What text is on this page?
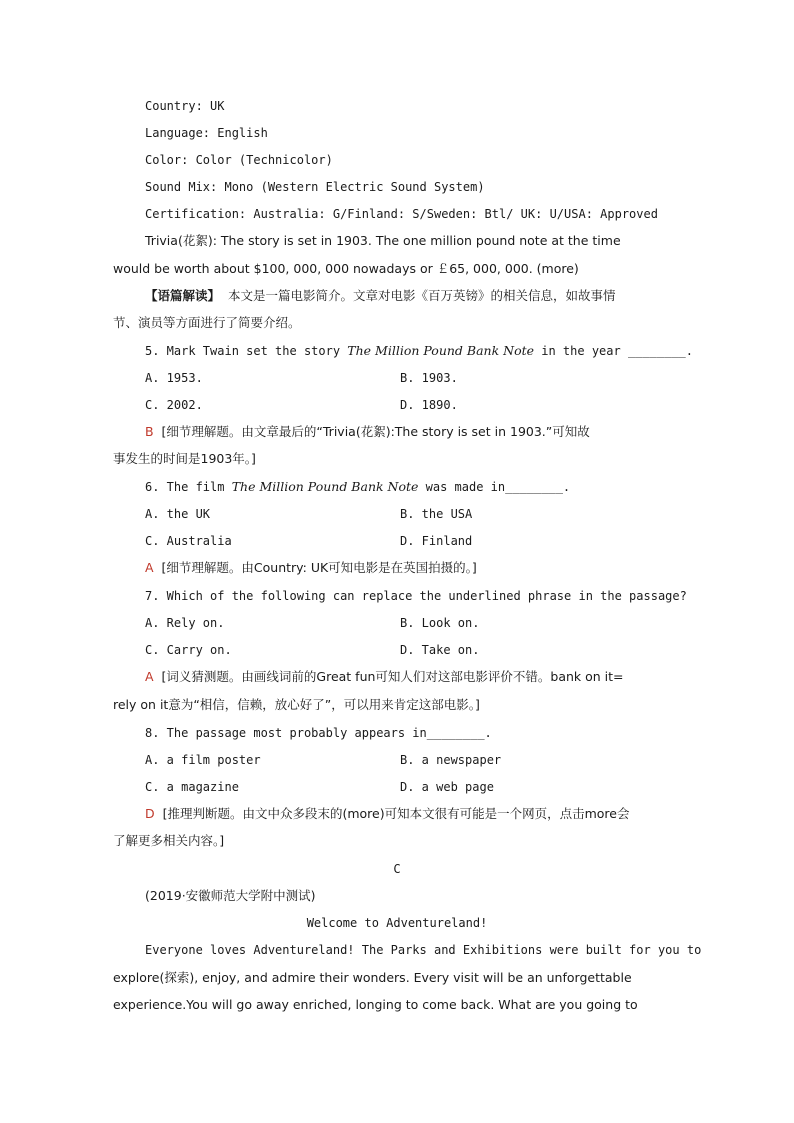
Country: UK
Language: English
Color: Color (Technicolor)
Sound Mix: Mono (Western Electric Sound System)
Certification: Australia: G/Finland: S/Sweden: Btl/ UK: U/USA: Approved
Trivia(花絮): The story is set in 1903. The one million pound note at the time
would be worth about $100, 000, 000 nowadays or ￡65, 000, 000. (more)
【语篇解读】 本文是一篇电影简介。文章对电影《百万英镑》的相关信息，如故事情
节、演员等方面进行了简要介绍。
5. Mark Twain set the story The Million Pound Bank Note in the year ________.
A. 1953.	B. 1903.
C. 2002.	D. 1890.
B [细节理解题。由文章最后的“Trivia(花絮):The story is set in 1903.”可知故
事发生的时间是1903年。]
6. The film The Million Pound Bank Note was made in________.
A. the UK	B. the USA
C. Australia	D. Finland
A [细节理解题。由Country: UK可知电影是在英国拍摄的。]
7. Which of the following can replace the underlined phrase in the passage?
A. Rely on.	B. Look on.
C. Carry on.	D. Take on.
A [词义猜测题。由画线词前的Great fun可知人们对这部电影评价不错。bank on it=
rely on it意为“相信，信赖，放心好了”，可以用来肯定这部电影。]
8. The passage most probably appears in________.
A. a film poster	B. a newspaper
C. a magazine	D. a web page
D [推理判断题。由文中众多段末的(more)可知本文很有可能是一个网页，点击more会
了解更多相关内容。]
C
(2019·安徽师范大学附中测试)
Welcome to Adventureland!
Everyone loves Adventureland! The Parks and Exhibitions were built for you to
explore(探索), enjoy, and admire their wonders. Every visit will be an unforgettable
experience.You will go away enriched, longing to come back. What are you going to
